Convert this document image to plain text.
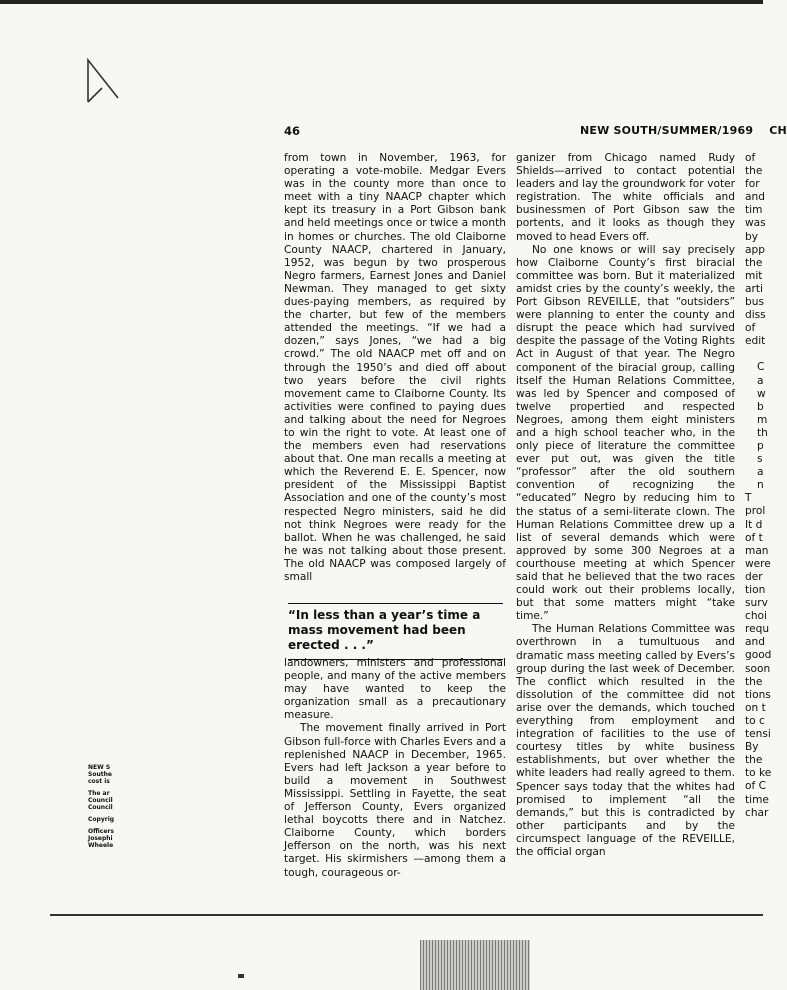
46	NEW SOUTH/SUMMER/1969 CH

from town in November, 1963, for operating a vote-mobile. Medgar Evers was in the county more than once to meet with a tiny NAACP chapter which kept its treasury in a Port Gibson bank and held meetings once or twice a month in homes or churches. The old Claiborne County NAACP, chartered in January, 1952, was begun by two prosperous Negro farmers, Earnest Jones and Daniel Newman. They managed to get sixty dues-paying members, as required by the charter, but few of the members attended the meetings. “If we had a dozen,” says Jones, “we had a big crowd.” The old NAACP met off and on through the 1950’s and died off about two years before the civil rights movement came to Claiborne County. Its activities were confined to paying dues and talking about the need for Negroes to win the right to vote. At least one of the members even had reservations about that. One man recalls a meeting at which the Reverend E. E. Spencer, now president of the Mississippi Baptist Association and one of the county’s most respected Negro ministers, said he did not think Negroes were ready for the ballot. When he was challenged, he said he was not talking about those present. The old NAACP was composed largely of small

“In less than a year’s time a mass movement had been erected . . .”

landowners, ministers and professional people, and many of the active members may have wanted to keep the organization small as a precautionary measure.

The movement finally arrived in Port Gibson full-force with Charles Evers and a replenished NAACP in December, 1965. Evers had left Jackson a year before to build a movement in Southwest Mississippi. Settling in Fayette, the seat of Jefferson County, Evers organized lethal boycotts there and in Natchez. Claiborne County, which borders Jefferson on the north, was his next target. His skirmishers —among them a tough, courageous or-

ganizer from Chicago named Rudy Shields—arrived to contact potential leaders and lay the groundwork for voter registration. The white officials and businessmen of Port Gibson saw the portents, and it looks as though they moved to head Evers off.

No one knows or will say precisely how Claiborne County’s first biracial committee was born. But it materialized amidst cries by the county’s weekly, the Port Gibson REVEILLE, that “outsiders” were planning to enter the county and disrupt the peace which had survived despite the passage of the Voting Rights Act in August of that year. The Negro component of the biracial group, calling itself the Human Relations Committee, was led by Spencer and composed of twelve propertied and respected Negroes, among them eight ministers and a high school teacher who, in the only piece of literature the committee ever put out, was given the title “professor” after the old southern convention of recognizing the “educated” Negro by reducing him to the status of a semi-literate clown. The Human Relations Committee drew up a list of several demands which were approved by some 300 Negroes at a courthouse meeting at which Spencer said that he believed that the two races could work out their problems locally, but that some matters might “take time.”

The Human Relations Committee was overthrown in a tumultuous and dramatic mass meeting called by Evers’s group during the last week of December. The conflict which resulted in the dissolution of the committee did not arise over the demands, which touched everything from employment and integration of facilities to the use of courtesy titles by white business establishments, but over whether the white leaders had really agreed to them. Spencer says today that the whites had promised to implement “all the demands,” but this is contradicted by other participants and by the circumspect language of the REVEILLE, the official organ

of
the
for
and
tim
was
by
app
the
mit
arti
bus
diss
of
edit
C
a
w
b
m
th
p
s
a
n
T
prol
It d
of t
man
were
der
tion
surv
choi
requ
and
good
soon
the
tions
on t
to c
tensi
By
the
to ke
of C
time
char
NEW S
Southe
cost is
The ar
Council
Council
Copyrig
Officers
Josephi
Wheele
